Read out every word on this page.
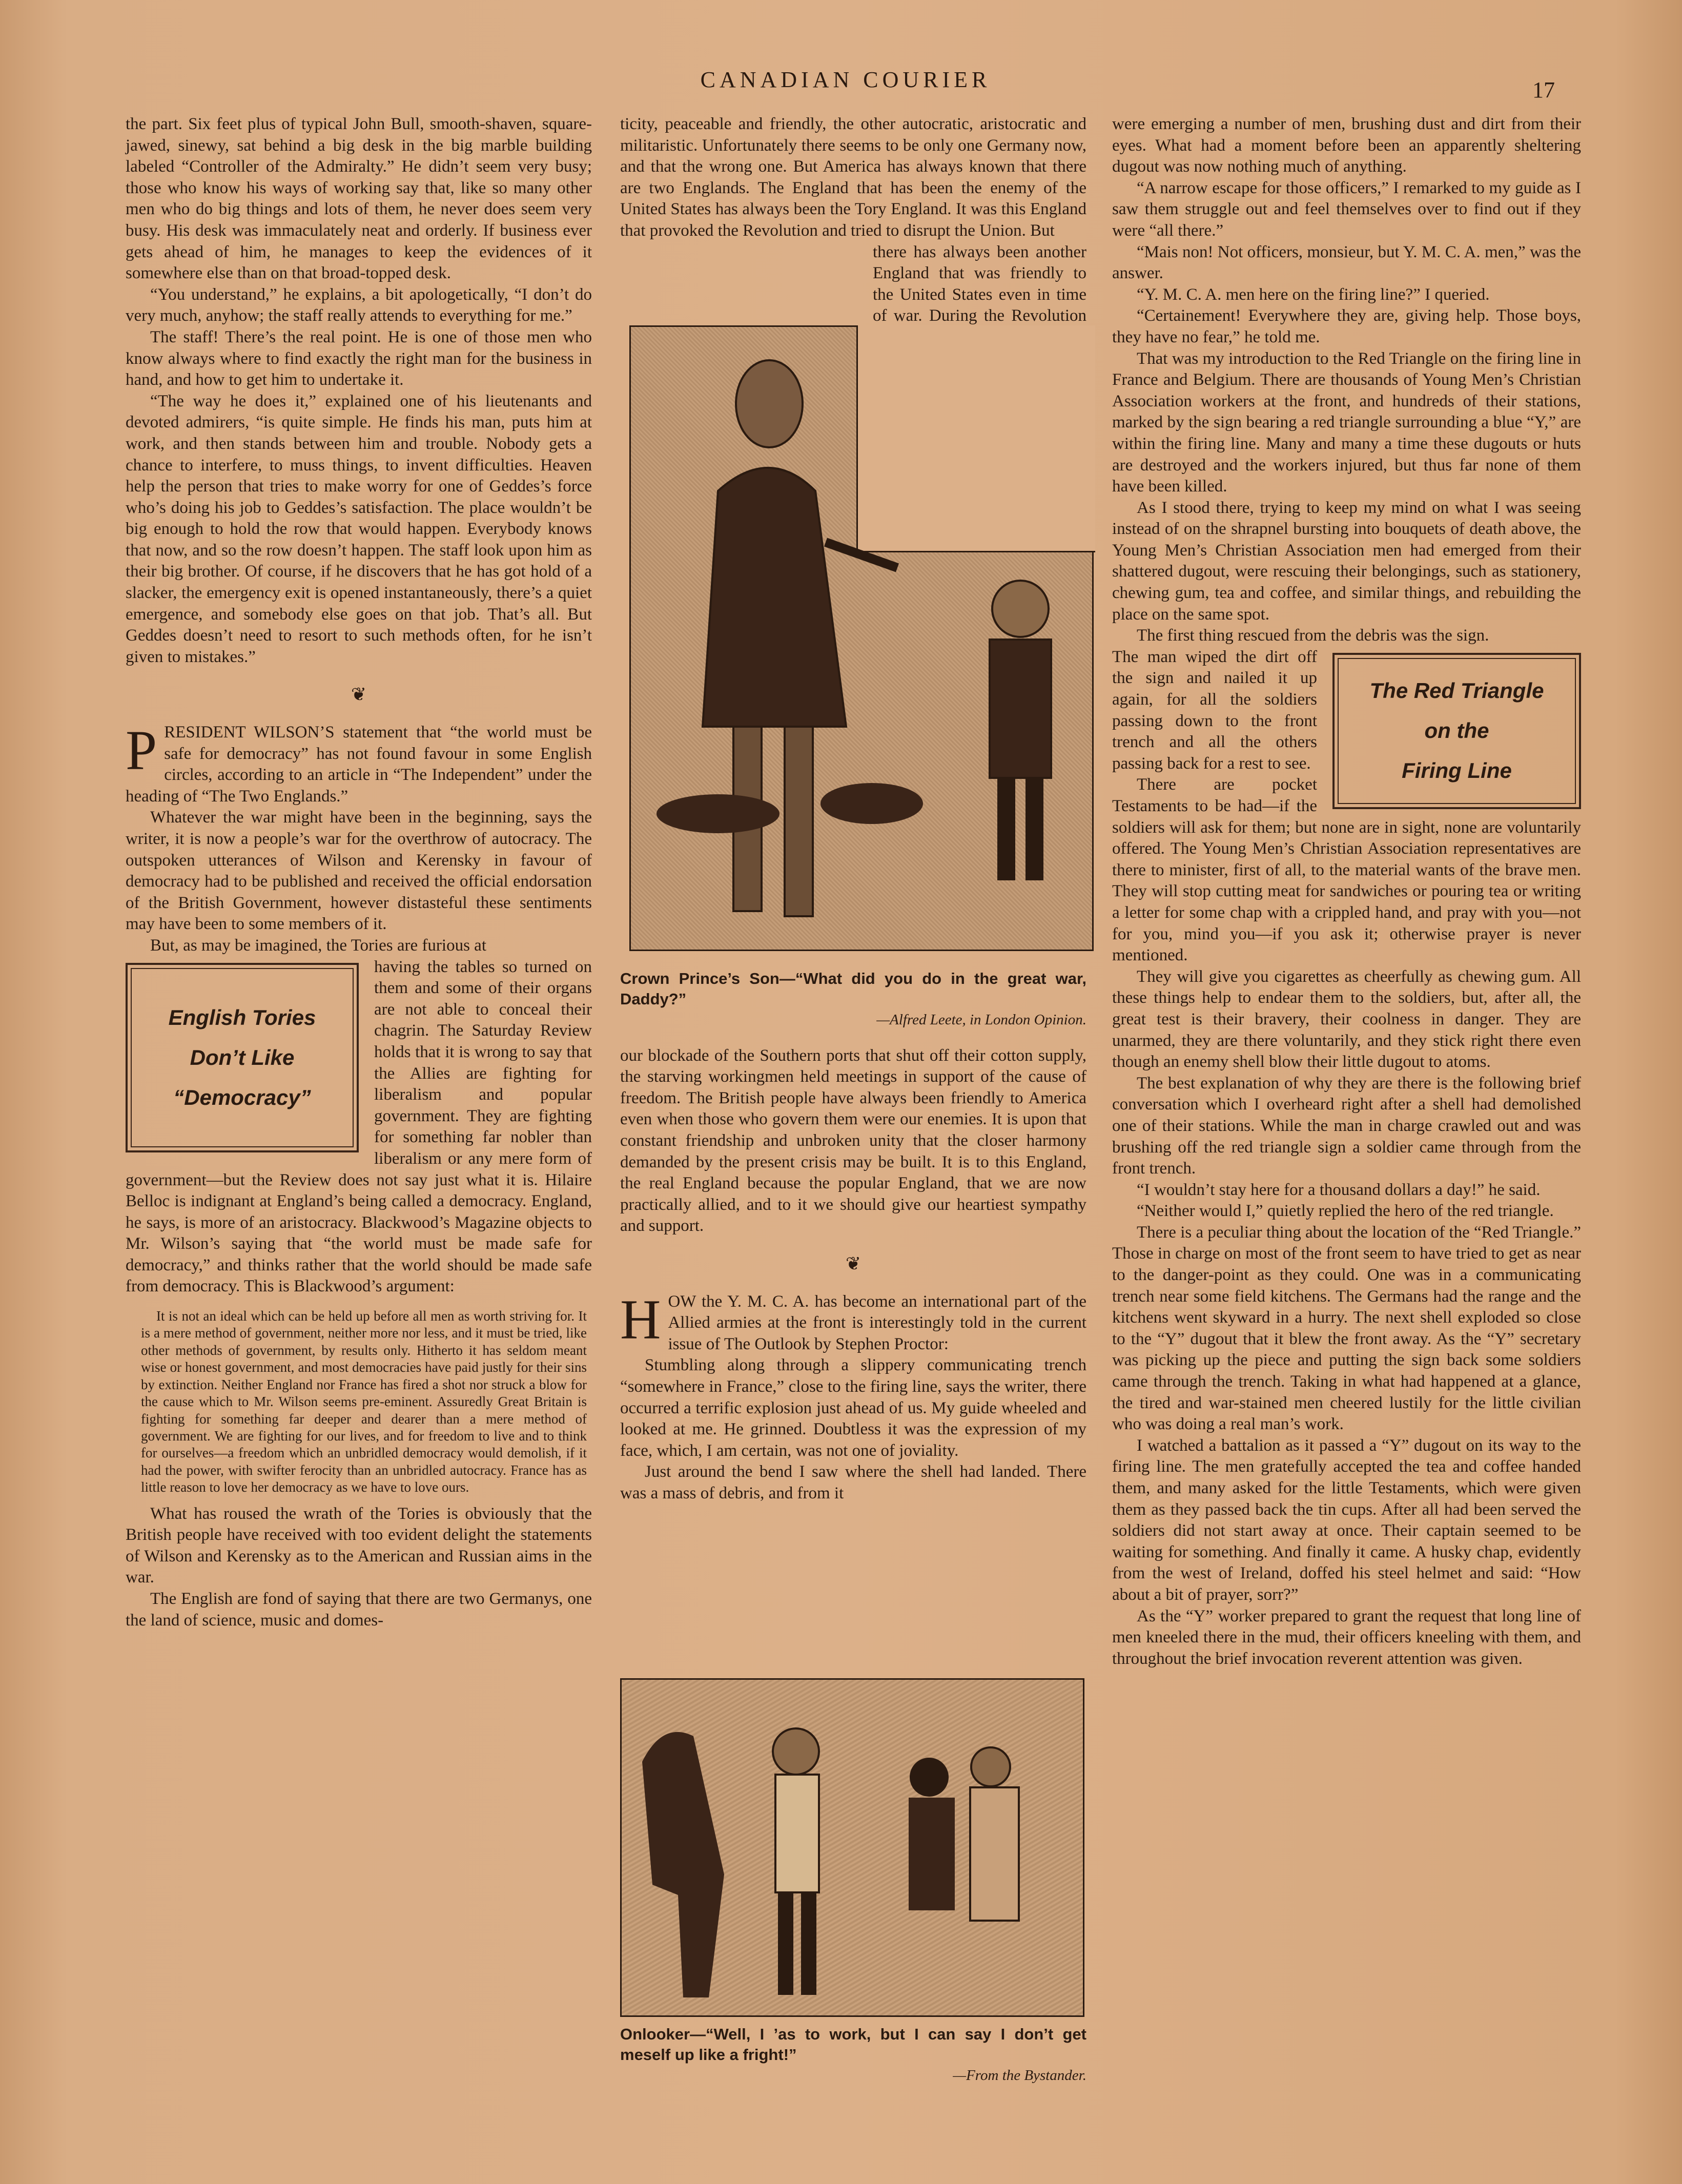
CANADIAN COURIER	17

the part. Six feet plus of typical John Bull, smooth-shaven, square-jawed, sinewy, sat behind a big desk in the big marble building labeled “Controller of the Admiralty.” He didn’t seem very busy; those who know his ways of working say that, like so many other men who do big things and lots of them, he never does seem very busy. His desk was immaculately neat and orderly. If business ever gets ahead of him, he manages to keep the evidences of it somewhere else than on that broad-topped desk.

“You understand,” he explains, a bit apologetically, “I don’t do very much, anyhow; the staff really attends to everything for me.”

The staff! There’s the real point. He is one of those men who know always where to find exactly the right man for the business in hand, and how to get him to undertake it.

“The way he does it,” explained one of his lieutenants and devoted admirers, “is quite simple. He finds his man, puts him at work, and then stands between him and trouble. Nobody gets a chance to interfere, to muss things, to invent difficulties. Heaven help the person that tries to make worry for one of Geddes’s force who’s doing his job to Geddes’s satisfaction. The place wouldn’t be big enough to hold the row that would happen. Everybody knows that now, and so the row doesn’t happen. The staff look upon him as their big brother. Of course, if he discovers that he has got hold of a slacker, the emergency exit is opened instantaneously, there’s a quiet emergence, and somebody else goes on that job. That’s all. But Geddes doesn’t need to resort to such methods often, for he isn’t given to mistakes.”

❦

PRESIDENT WILSON’S statement that “the world must be safe for democracy” has not found favour in some English circles, according to an article in “The Independent” under the heading of “The Two Englands.”

Whatever the war might have been in the beginning, says the writer, it is now a people’s war for the overthrow of autocracy. The outspoken utterances of Wilson and Kerensky in favour of democracy had to be published and received the official endorsation of the British Government, however distasteful these sentiments may have been to some members of it.

But, as may be imagined, the Tories are furious at

English Tories
Don’t Like
“Democracy”

having the tables so turned on them and some of their organs are not able to conceal their chagrin. The Saturday Review holds that it is wrong to say that the Allies are fighting for liberalism and popular government. They are fighting for something far nobler than liberalism or any mere form of government—but the Review does not say just what it is. Hilaire Belloc is indignant at England’s being called a democracy. England, he says, is more of an aristocracy. Blackwood’s Magazine objects to Mr. Wilson’s saying that “the world must be made safe for democracy,” and thinks rather that the world should be made safe from democracy. This is Blackwood’s argument:

It is not an ideal which can be held up before all men as worth striving for. It is a mere method of government, neither more nor less, and it must be tried, like other methods of government, by results only. Hitherto it has seldom meant wise or honest government, and most democracies have paid justly for their sins by extinction. Neither England nor France has fired a shot nor struck a blow for the cause which to Mr. Wilson seems pre-eminent. Assuredly Great Britain is fighting for something far deeper and dearer than a mere method of government. We are fighting for our lives, and for freedom to live and to think for ourselves—a freedom which an unbridled democracy would demolish, if it had the power, with swifter ferocity than an unbridled autocracy. France has as little reason to love her democracy as we have to love ours.

What has roused the wrath of the Tories is obviously that the British people have received with too evident delight the statements of Wilson and Kerensky as to the American and Russian aims in the war.

The English are fond of saying that there are two Germanys, one the land of science, music and domes-

ticity, peaceable and friendly, the other autocratic, aristocratic and militaristic. Unfortunately there seems to be only one Germany now, and that the wrong one. But America has always known that there are two Englands. The England that has been the enemy of the United States has always been the Tory England. It was this England that provoked the Revolution and tried to disrupt the Union. But

there has always been another England that was friendly to the United States even in time of war. During the Revolution

Crown Prince’s Son—“What did you do in the great war, Daddy?”
—Alfred Leete, in London Opinion.

our blockade of the Southern ports that shut off their cotton supply, the starving workingmen held meetings in support of the cause of freedom. The British people have always been friendly to America even when those who govern them were our enemies. It is upon that constant friendship and unbroken unity that the closer harmony demanded by the present crisis may be built. It is to this England, the real England because the popular England, that we are now practically allied, and to it we should give our heartiest sympathy and support.

❦

HOW the Y. M. C. A. has become an international part of the Allied armies at the front is interestingly told in the current issue of The Outlook by Stephen Proctor:

Stumbling along through a slippery communicating trench “somewhere in France,” close to the firing line, says the writer, there occurred a terrific explosion just ahead of us. My guide wheeled and looked at me. He grinned. Doubtless it was the expression of my face, which, I am certain, was not one of joviality.

Just around the bend I saw where the shell had landed. There was a mass of debris, and from it

Onlooker—“Well, I ’as to work, but I can say I don’t get meself up like a fright!”
—From the Bystander.

were emerging a number of men, brushing dust and dirt from their eyes. What had a moment before been an apparently sheltering dugout was now nothing much of anything.

“A narrow escape for those officers,” I remarked to my guide as I saw them struggle out and feel themselves over to find out if they were “all there.”

“Mais non! Not officers, monsieur, but Y. M. C. A. men,” was the answer.

“Y. M. C. A. men here on the firing line?” I queried.

“Certainement! Everywhere they are, giving help. Those boys, they have no fear,” he told me.

That was my introduction to the Red Triangle on the firing line in France and Belgium. There are thousands of Young Men’s Christian Association workers at the front, and hundreds of their stations, marked by the sign bearing a red triangle surrounding a blue “Y,” are within the firing line. Many and many a time these dugouts or huts are destroyed and the workers injured, but thus far none of them have been killed.

As I stood there, trying to keep my mind on what I was seeing instead of on the shrapnel bursting into bouquets of death above, the Young Men’s Christian Association men had emerged from their shattered dugout, were rescuing their belongings, such as stationery, chewing gum, tea and coffee, and similar things, and rebuilding the place on the same spot.

The first thing rescued from the debris was the sign.

The Red Triangle
on the
Firing Line

The man wiped the dirt off the sign and nailed it up again, for all the soldiers passing down to the front trench and all the others passing back for a rest to see.

There are pocket Testaments to be had—if the soldiers will ask for them; but none are in sight, none are voluntarily offered. The Young Men’s Christian Association representatives are there to minister, first of all, to the material wants of the brave men. They will stop cutting meat for sandwiches or pouring tea or writing a letter for some chap with a crippled hand, and pray with you—not for you, mind you—if you ask it; otherwise prayer is never mentioned.

They will give you cigarettes as cheerfully as chewing gum. All these things help to endear them to the soldiers, but, after all, the great test is their bravery, their coolness in danger. They are unarmed, they are there voluntarily, and they stick right there even though an enemy shell blow their little dugout to atoms.

The best explanation of why they are there is the following brief conversation which I overheard right after a shell had demolished one of their stations. While the man in charge crawled out and was brushing off the red triangle sign a soldier came through from the front trench.

“I wouldn’t stay here for a thousand dollars a day!” he said.

“Neither would I,” quietly replied the hero of the red triangle.

There is a peculiar thing about the location of the “Red Triangle.” Those in charge on most of the front seem to have tried to get as near to the danger-point as they could. One was in a communicating trench near some field kitchens. The Germans had the range and the kitchens went skyward in a hurry. The next shell exploded so close to the “Y” dugout that it blew the front away. As the “Y” secretary was picking up the piece and putting the sign back some soldiers came through the trench. Taking in what had happened at a glance, the tired and war-stained men cheered lustily for the little civilian who was doing a real man’s work.

I watched a battalion as it passed a “Y” dugout on its way to the firing line. The men gratefully accepted the tea and coffee handed them, and many asked for the little Testaments, which were given them as they passed back the tin cups. After all had been served the soldiers did not start away at once. Their captain seemed to be waiting for something. And finally it came. A husky chap, evidently from the west of Ireland, doffed his steel helmet and said: “How about a bit of prayer, sorr?”

As the “Y” worker prepared to grant the request that long line of men kneeled there in the mud, their officers kneeling with them, and throughout the brief invocation reverent attention was given.
